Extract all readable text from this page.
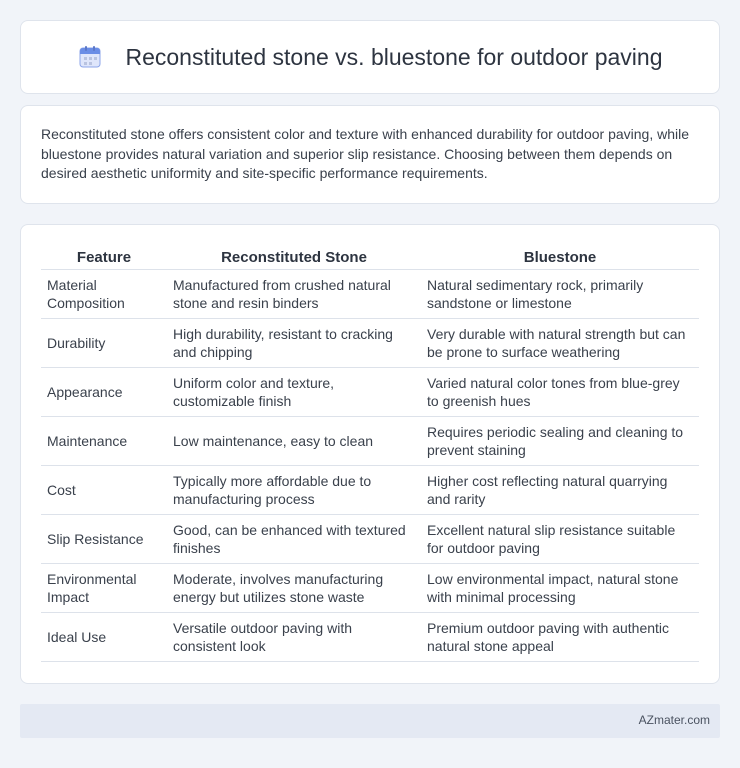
Reconstituted stone vs. bluestone for outdoor paving

Reconstituted stone offers consistent color and texture with enhanced durability for outdoor paving, while bluestone provides natural variation and superior slip resistance. Choosing between them depends on desired aesthetic uniformity and site-specific performance requirements.

Feature	Reconstituted Stone	Bluestone
Material Composition	Manufactured from crushed natural stone and resin binders	Natural sedimentary rock, primarily sandstone or limestone
Durability	High durability, resistant to cracking and chipping	Very durable with natural strength but can be prone to surface weathering
Appearance	Uniform color and texture, customizable finish	Varied natural color tones from blue-grey to greenish hues
Maintenance	Low maintenance, easy to clean	Requires periodic sealing and cleaning to prevent staining
Cost	Typically more affordable due to manufacturing process	Higher cost reflecting natural quarrying and rarity
Slip Resistance	Good, can be enhanced with textured finishes	Excellent natural slip resistance suitable for outdoor paving
Environmental Impact	Moderate, involves manufacturing energy but utilizes stone waste	Low environmental impact, natural stone with minimal processing
Ideal Use	Versatile outdoor paving with consistent look	Premium outdoor paving with authentic natural stone appeal
AZmater.com
